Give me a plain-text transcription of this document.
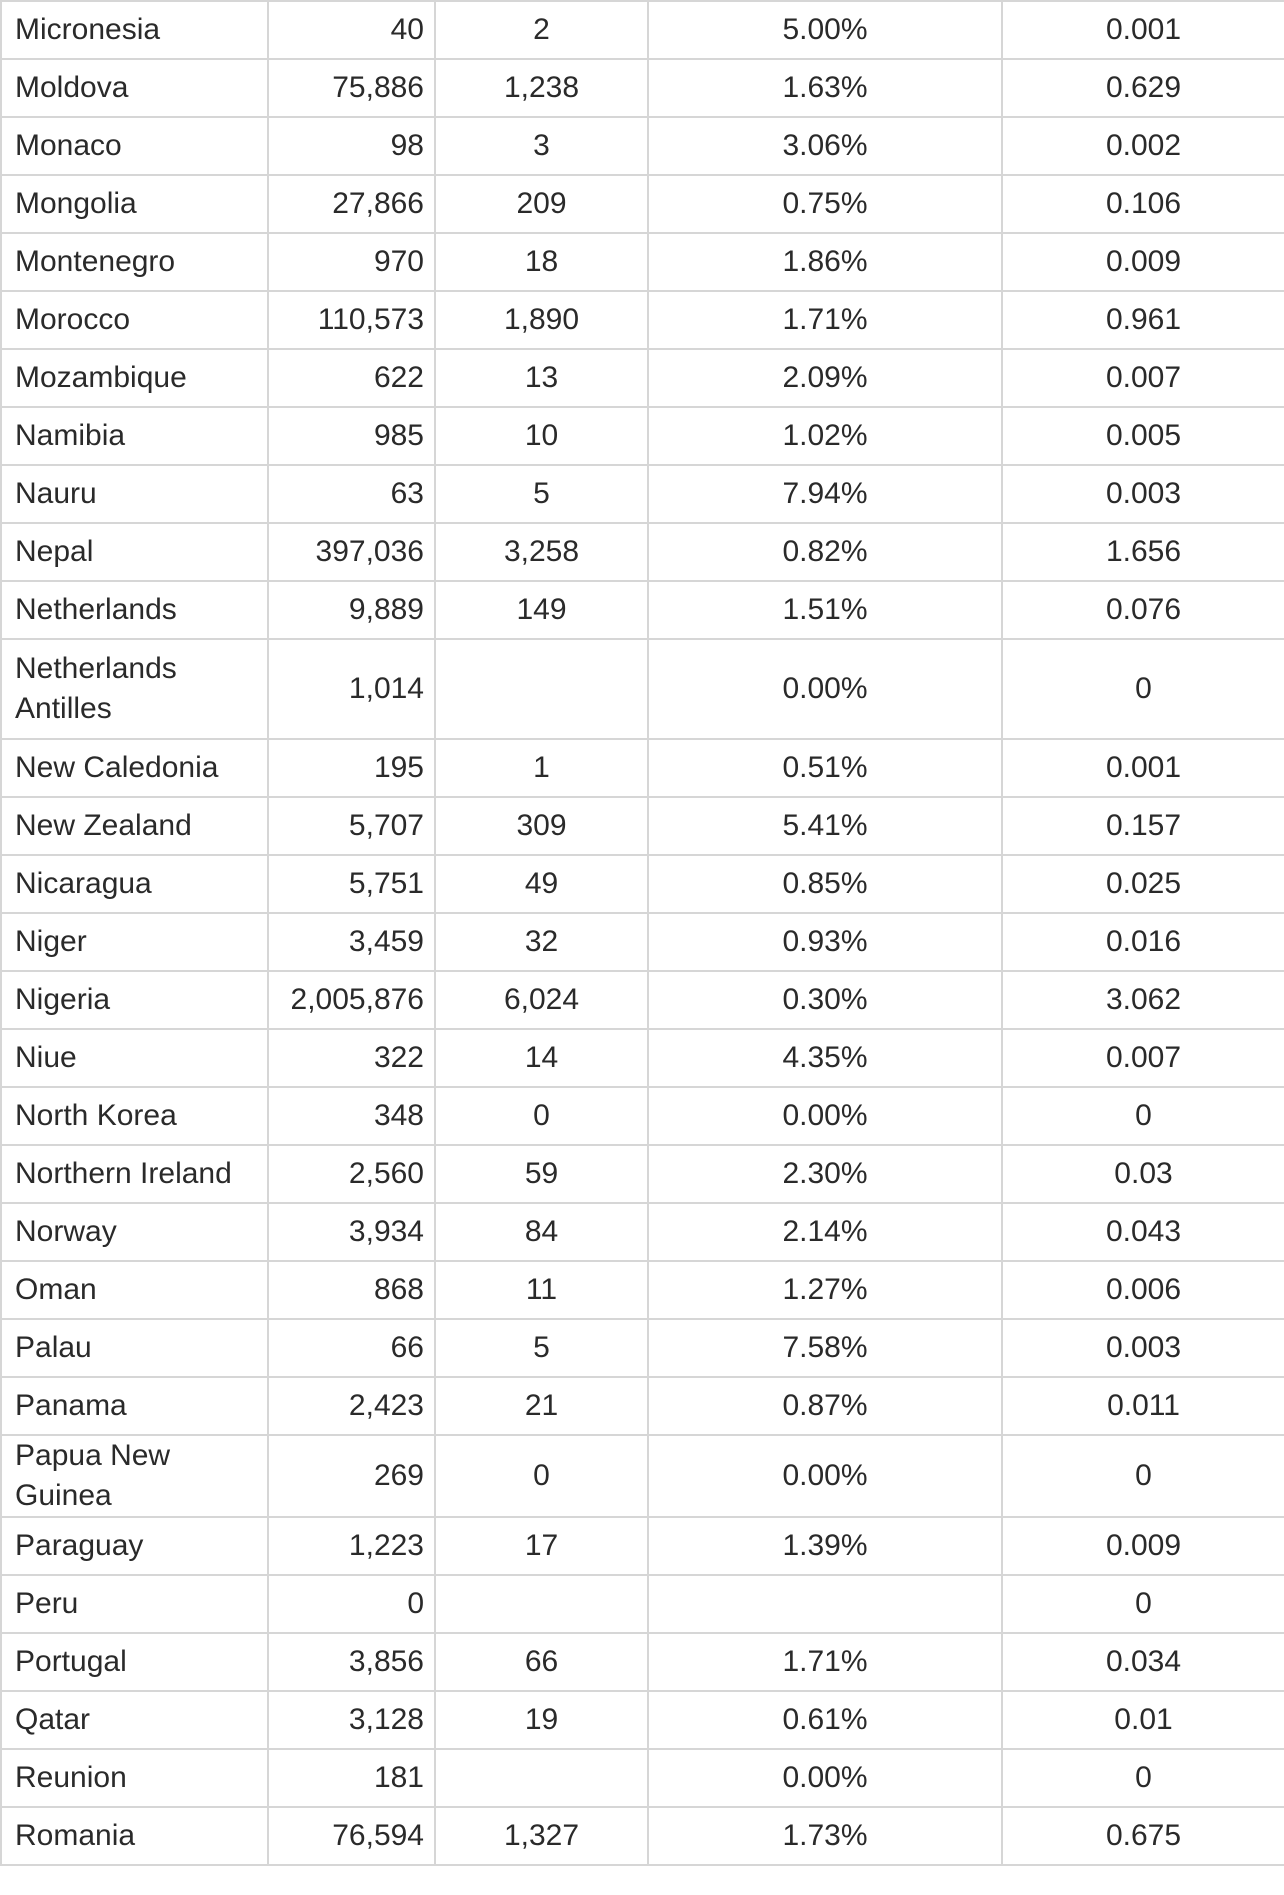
Micronesia	40	2	5.00%	0.001
Moldova	75,886	1,238	1.63%	0.629
Monaco	98	3	3.06%	0.002
Mongolia	27,866	209	0.75%	0.106
Montenegro	970	18	1.86%	0.009
Morocco	110,573	1,890	1.71%	0.961
Mozambique	622	13	2.09%	0.007
Namibia	985	10	1.02%	0.005
Nauru	63	5	7.94%	0.003
Nepal	397,036	3,258	0.82%	1.656
Netherlands	9,889	149	1.51%	0.076
Netherlands Antilles	1,014		0.00%	0
New Caledonia	195	1	0.51%	0.001
New Zealand	5,707	309	5.41%	0.157
Nicaragua	5,751	49	0.85%	0.025
Niger	3,459	32	0.93%	0.016
Nigeria	2,005,876	6,024	0.30%	3.062
Niue	322	14	4.35%	0.007
North Korea	348	0	0.00%	0
Northern Ireland	2,560	59	2.30%	0.03
Norway	3,934	84	2.14%	0.043
Oman	868	11	1.27%	0.006
Palau	66	5	7.58%	0.003
Panama	2,423	21	0.87%	0.011
Papua New Guinea	269	0	0.00%	0
Paraguay	1,223	17	1.39%	0.009
Peru	0			0
Portugal	3,856	66	1.71%	0.034
Qatar	3,128	19	0.61%	0.01
Reunion	181		0.00%	0
Romania	76,594	1,327	1.73%	0.675
